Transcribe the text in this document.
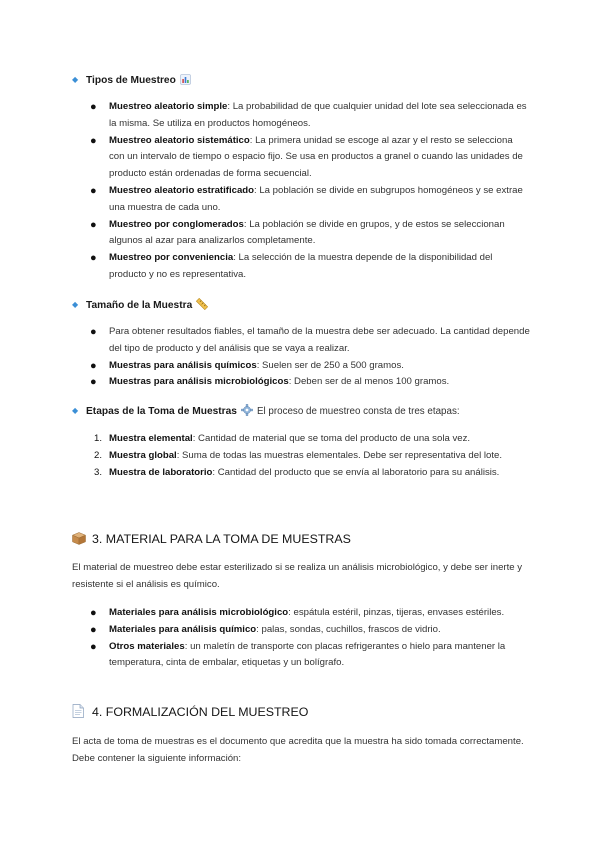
◆ Tipos de Muestreo
●	Muestreo aleatorio simple: La probabilidad de que cualquier unidad del lote sea seleccionada es la misma. Se utiliza en productos homogéneos.
●	Muestreo aleatorio sistemático: La primera unidad se escoge al azar y el resto se selecciona con un intervalo de tiempo o espacio fijo. Se usa en productos a granel o cuando las unidades de producto están ordenadas de forma secuencial.
●	Muestreo aleatorio estratificado: La población se divide en subgrupos homogéneos y se extrae una muestra de cada uno.
●	Muestreo por conglomerados: La población se divide en grupos, y de estos se seleccionan algunos al azar para analizarlos completamente.
●	Muestreo por conveniencia: La selección de la muestra depende de la disponibilidad del producto y no es representativa.
◆ Tamaño de la Muestra
●	Para obtener resultados fiables, el tamaño de la muestra debe ser adecuado. La cantidad depende del tipo de producto y del análisis que se vaya a realizar.
●	Muestras para análisis químicos: Suelen ser de 250 a 500 gramos.
●	Muestras para análisis microbiológicos: Deben ser de al menos 100 gramos.
◆ Etapas de la Toma de Muestras El proceso de muestreo consta de tres etapas:
1. Muestra elemental: Cantidad de material que se toma del producto de una sola vez.
2. Muestra global: Suma de todas las muestras elementales. Debe ser representativa del lote.
3. Muestra de laboratorio: Cantidad del producto que se envía al laboratorio para su análisis.
3. MATERIAL PARA LA TOMA DE MUESTRAS

El material de muestreo debe estar esterilizado si se realiza un análisis microbiológico, y debe ser inerte y resistente si el análisis es químico.

●	Materiales para análisis microbiológico: espátula estéril, pinzas, tijeras, envases estériles.
●	Materiales para análisis químico: palas, sondas, cuchillos, frascos de vidrio.
●	Otros materiales: un maletín de transporte con placas refrigerantes o hielo para mantener la temperatura, cinta de embalar, etiquetas y un bolígrafo.
4. FORMALIZACIÓN DEL MUESTREO

El acta de toma de muestras es el documento que acredita que la muestra ha sido tomada correctamente. Debe contener la siguiente información:
